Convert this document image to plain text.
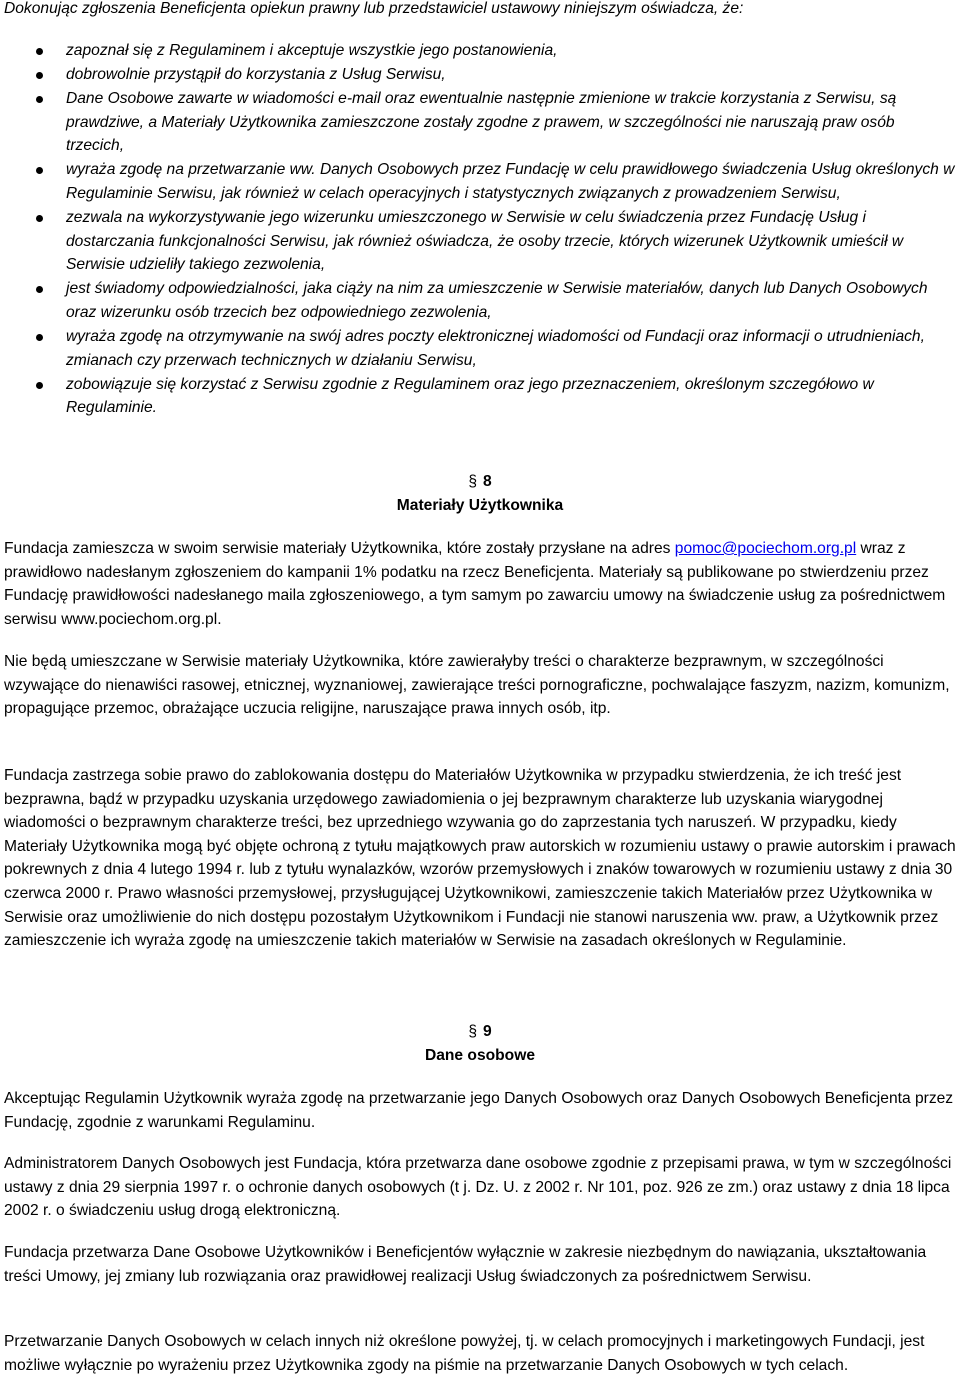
Dokonując zgłoszenia Beneficjenta opiekun prawny lub przedstawiciel ustawowy niniejszym oświadcza, że:

zapoznał się z Regulaminem i akceptuje wszystkie jego postanowienia,
dobrowolnie przystąpił do korzystania z Usług Serwisu,
Dane Osobowe zawarte w wiadomości e-mail oraz ewentualnie następnie zmienione w trakcie korzystania z Serwisu, są prawdziwe, a Materiały Użytkownika zamieszczone zostały zgodne z prawem, w szczególności nie naruszają praw osób trzecich,
wyraża zgodę na przetwarzanie ww. Danych Osobowych przez Fundację w celu prawidłowego świadczenia Usług określonych w Regulaminie Serwisu, jak również w celach operacyjnych i statystycznych związanych z prowadzeniem Serwisu,
zezwala na wykorzystywanie jego wizerunku umieszczonego w Serwisie w celu świadczenia przez Fundację Usług i dostarczania funkcjonalności Serwisu, jak również oświadcza, że osoby trzecie, których wizerunek Użytkownik umieścił w Serwisie udzieliły takiego zezwolenia,
jest świadomy odpowiedzialności, jaka ciąży na nim za umieszczenie w Serwisie materiałów, danych lub Danych Osobowych oraz wizerunku osób trzecich bez odpowiedniego zezwolenia,
wyraża zgodę na otrzymywanie na swój adres poczty elektronicznej wiadomości od Fundacji oraz informacji o utrudnieniach, zmianach czy przerwach technicznych w działaniu Serwisu,
zobowiązuje się korzystać z Serwisu zgodnie z Regulaminem oraz jego przeznaczeniem, określonym szczegółowo w Regulaminie.
§ 8
Materiały Użytkownika

Fundacja zamieszcza w swoim serwisie materiały Użytkownika, które zostały przysłane na adres pomoc@pociechom.org.pl wraz z prawidłowo nadesłanym zgłoszeniem do kampanii 1% podatku na rzecz Beneficjenta. Materiały są publikowane po stwierdzeniu przez Fundację prawidłowości nadesłanego maila zgłoszeniowego, a tym samym po zawarciu umowy na świadczenie usług za pośrednictwem serwisu www.pociechom.org.pl.

Nie będą umieszczane w Serwisie materiały Użytkownika, które zawierałyby treści o charakterze bezprawnym, w szczególności wzywające do nienawiści rasowej, etnicznej, wyznaniowej, zawierające treści pornograficzne, pochwalające faszyzm, nazizm, komunizm, propagujące przemoc, obrażające uczucia religijne, naruszające prawa innych osób, itp.

Fundacja zastrzega sobie prawo do zablokowania dostępu do Materiałów Użytkownika w przypadku stwierdzenia, że ich treść jest bezprawna, bądź w przypadku uzyskania urzędowego zawiadomienia o jej bezprawnym charakterze lub uzyskania wiarygodnej wiadomości o bezprawnym charakterze treści, bez uprzedniego wzywania go do zaprzestania tych naruszeń. W przypadku, kiedy Materiały Użytkownika mogą być objęte ochroną z tytułu majątkowych praw autorskich w rozumieniu ustawy o prawie autorskim i prawach pokrewnych z dnia 4 lutego 1994 r. lub z tytułu wynalazków, wzorów przemysłowych i znaków towarowych w rozumieniu ustawy z dnia 30 czerwca 2000 r. Prawo własności przemysłowej, przysługującej Użytkownikowi, zamieszczenie takich Materiałów przez Użytkownika w Serwisie oraz umożliwienie do nich dostępu pozostałym Użytkownikom i Fundacji nie stanowi naruszenia ww. praw, a Użytkownik przez zamieszczenie ich wyraża zgodę na umieszczenie takich materiałów w Serwisie na zasadach określonych w Regulaminie.

§ 9
Dane osobowe

Akceptując Regulamin Użytkownik wyraża zgodę na przetwarzanie jego Danych Osobowych oraz Danych Osobowych Beneficjenta przez Fundację, zgodnie z warunkami Regulaminu.

Administratorem Danych Osobowych jest Fundacja, która przetwarza dane osobowe zgodnie z przepisami prawa, w tym w szczególności ustawy z dnia 29 sierpnia 1997 r. o ochronie danych osobowych (t j. Dz. U. z 2002 r. Nr 101, poz. 926 ze zm.) oraz ustawy z dnia 18 lipca 2002 r. o świadczeniu usług drogą elektroniczną.

Fundacja przetwarza Dane Osobowe Użytkowników i Beneficjentów wyłącznie w zakresie niezbędnym do nawiązania, ukształtowania treści Umowy, jej zmiany lub rozwiązania oraz prawidłowej realizacji Usług świadczonych za pośrednictwem Serwisu.

Przetwarzanie Danych Osobowych w celach innych niż określone powyżej, tj. w celach promocyjnych i marketingowych Fundacji, jest możliwe wyłącznie po wyrażeniu przez Użytkownika zgody na piśmie na przetwarzanie Danych Osobowych w tych celach.
